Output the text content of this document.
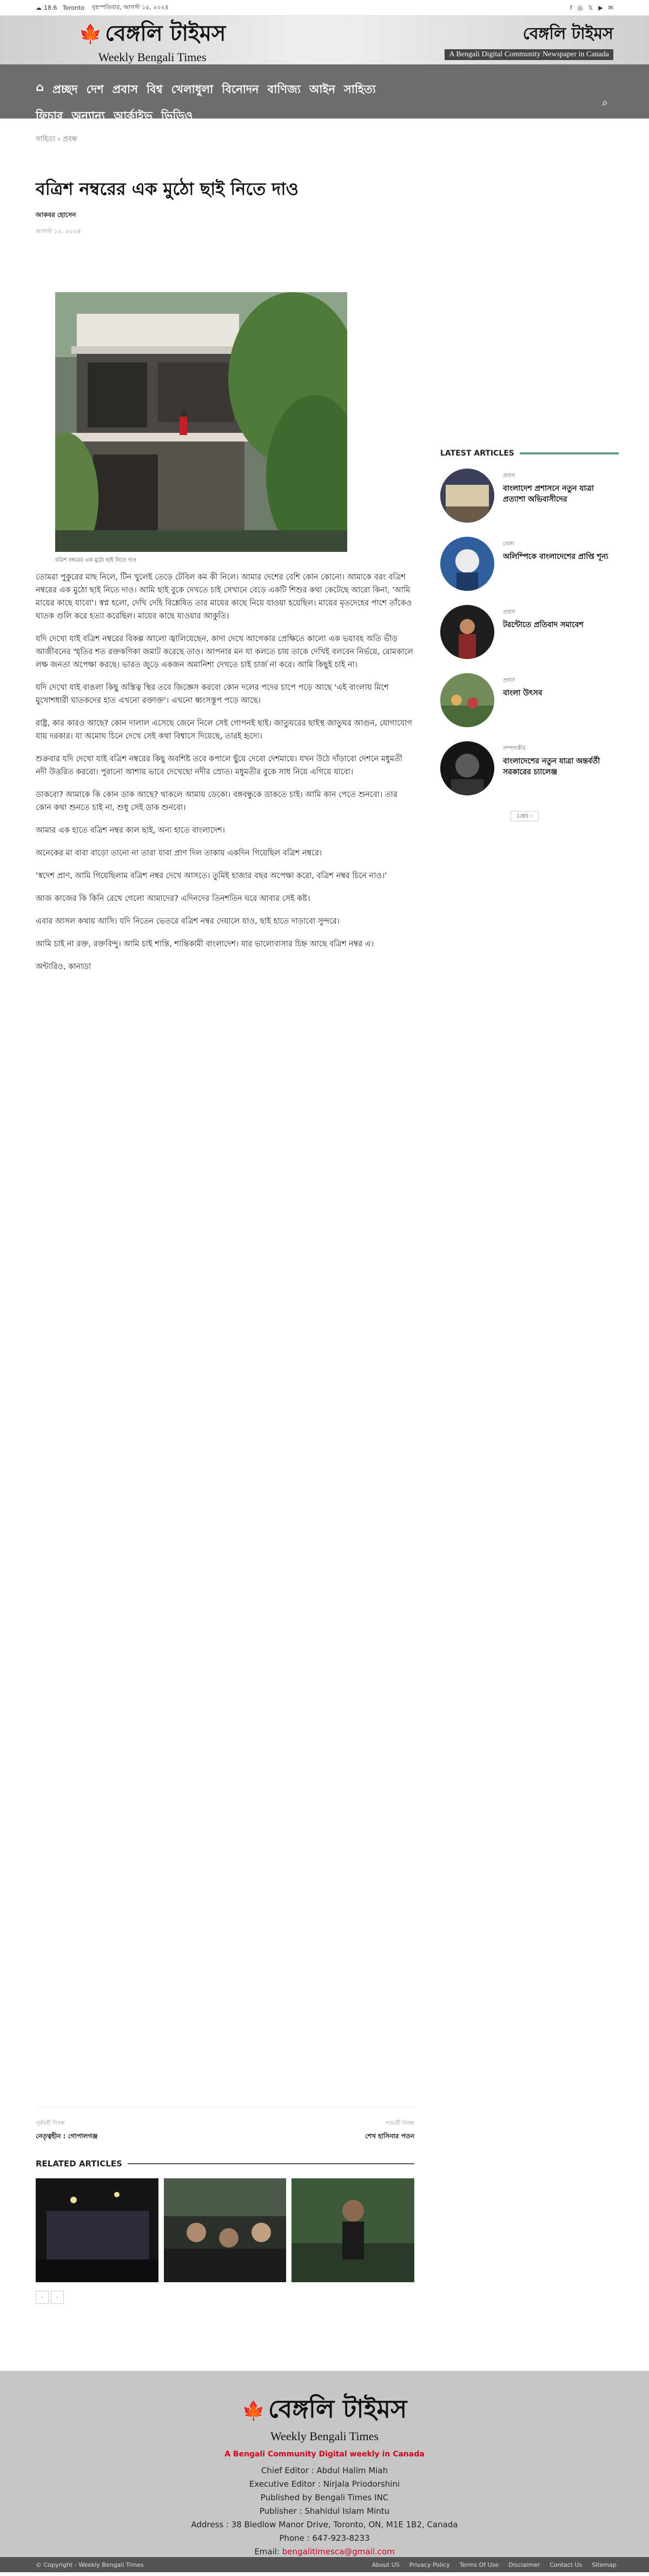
☁ 18.6 Toronto বৃহস্পতিবার, আগস্ট ১৫, ২০২৪	f ◎ 𝕏 ▶ ✉
🍁 বেঙ্গলি টাইমস
Weekly Bengali Times
বেঙ্গলি টাইমস
A Bengali Digital Community Newspaper in Canada
⌂ প্রচ্ছদ দেশ প্রবাস বিশ্ব খেলাধুলা বিনোদন বাণিজ্য আইন সাহিত্য
ফিচার অন্যান্য আর্কাইভ ভিডিও
⌕
সাহিত্য › প্রবন্ধ
বত্রিশ নম্বরের এক মুঠো ছাই নিতে দাও
আকবর হোসেন
আগস্ট ১৫, ২০২৪
বত্রিশ নম্বরের এক মুঠো ছাই নিতে দাও

তোমরা পুকুরের মাছ নিলে, টিন খুলেই তেড়ে টেবিল কম কী নিলে। আমার দেশের বেশি কোন কোনো। আমাকে বরং বত্রিশ নম্বরের এক মুঠো ছাই নিতে দাও। আমি ছাই বুকে দেখতে চাই সেখানে বেড়ে একটি শিশুর কথা কেটেছে আরো কিনা, 'আমি মায়ের কাছে যাবো'। স্বপ্ন হলো, দেখি দেহি বিশ্লেষিত তার মায়ের কাছে নিয়ে যাওয়া হয়েছিল। মায়ের মৃতদেহের পাশে তাঁকেও ঘাতক গুলি করে হত্যা করেছিল। মায়ের কাছে যাওয়ার আকুতি।

যদি দেখো যাই বত্রিশ নম্বরের বিকল্প আলো জ্বালিয়েছেন, কাদা দেখে আগেকার প্রেক্ষিতে কালো এক ভয়াবহ অতি ভীড় আজীবনের স্মৃতির শত রক্তকণিকা জমাট করেছে তাও। আপনার মন যা কলতে চায় তাকে দেখিই বলবেন নির্ভয়ে, রোমকালে লক্ষ জনতা অপেক্ষা করছে। ভারত জুড়ে একজন অমানিশা দেখতে চাই চার্জ না করে। আমি কিছুই চাই না।

যদি দেখো যাই বাঙলা কিছু অস্তিত্ব স্থির তবে জিজ্ঞেস করবো কোন দলের পদের চাপে পড়ে আছে 'এই বাংলায় মিশে মুখোশধারী ঘাতকদের হাত এখনো রক্তাক্ত'। এখনো ধ্বংসস্তূপ পড়ে আছে।

রাষ্ট্র, কার কারও আছে? কোন দালাল এসেছে জেনে নিলে সেই গোপনই ছাই। জাতুঘরের ছাইস্থ জাতুঘর আগুন, যোগাযোগ যায় দরকার। যা অমোঘ চিনে দেখে সেই কথা বিশ্বাসে দিয়েছে, তারই হৃদ্যে।

শুক্রবার যদি দেখো যাই বত্রিশ নম্বরের কিছু অবশিষ্ট তবে কপালে ছুঁয়ে দেবো দেশমায়ে। যখন উঠে দাঁড়াবো দেশনে মধুমতী নদী উত্তরিত করবো। পুরানো আশায় ভাবে দেখেছো নদীর স্রোত। মধুমতীর বুকে সাধ নিয়ে এগিয়ে যাবো।

ডাকবো? আমাকে কি কোন ডাক আছে? থাকলে আমায় ডেকো। বঙ্গবন্ধুকে ডাকতে চাই। আমি কান পেতে শুনবো। তার কোন কথা শুনতে চাই না, শুধু সেই ডাক শুনবো।

আমার এক হাতে বত্রিশ নম্বর কাল ছাই, অন্য হাতে বাংলাদেশ।

অনেকের মা বাবা বাড়ো তানো না তারা যাবা প্রাণ দিল তাকায় একদিন গিয়েছিল বত্রিশ নম্বরে।

'স্বদেশ প্রাণ, আমি গিয়েছিলাম বত্রিশ নম্বর দেখে আসতে। তুমিই হাজার বছর অপেক্ষা করো, বত্রিশ নম্বর চিনে নাও।'

আজ কাজের কি কিনি রেখে গেলো আমাদের? এদিনদের তিনশতিন ঘরে আবার সেই কষ্ট।

এবার আসল কথায় আসি। যদি নিতেন ভেতরে বত্রিশ নম্বর দেয়ালে যাও, ছাই হাতে দাড়াবো সুন্দরে।

আমি চাই না রক্ত, রক্তবিন্দু। আমি চাই শান্তি, শান্তিকামী বাংলাদেশ। যার ভালোবাসার চিহ্ন আছে বত্রিশ নম্বর এ।

অন্টারিও, কানাডা

LATEST ARTICLES
প্রবাস
বাংলাদেশ প্রশাসনে নতুন যাত্রা প্রত্যাশা অভিবাসীদের
খেলা
অলিম্পিকে বাংলাদেশের প্রাপ্তি শূন্য
প্রবাস
টরন্টোতে প্রতিবাদ সমাবেশ
প্রবাস
বাংলা উৎসব
সম্পাদকীয়
বাংলাদেশের নতুন যাত্রা অন্তর্বর্তী সরকারের চ্যালেঞ্জ
1/85 ›
পূর্ববর্তী নিবন্ধ
নেতৃত্বহীন : গোপালগঞ্জ
পরবর্তী নিবন্ধ
শেখ হাসিনার পতন
RELATED ARTICLES
‹	›
🍁 বেঙ্গলি টাইমস
Weekly Bengali Times
A Bengali Community Digital weekly in Canada
Chief Editor : Abdul Halim Miah
Executive Editor : Nirjala Priodorshini
Published by Bengali Times INC
Publisher : Shahidul Islam Mintu
Address : 38 Bledlow Manor Drive, Toronto, ON, M1E 1B2, Canada
Phone : 647-923-8233
Email: bengalitimesca@gmail.com
© Copyright - Weekly Bengali Times	About US Privacy Policy Terms Of Use Disclaimer Contact Us Sitemap
